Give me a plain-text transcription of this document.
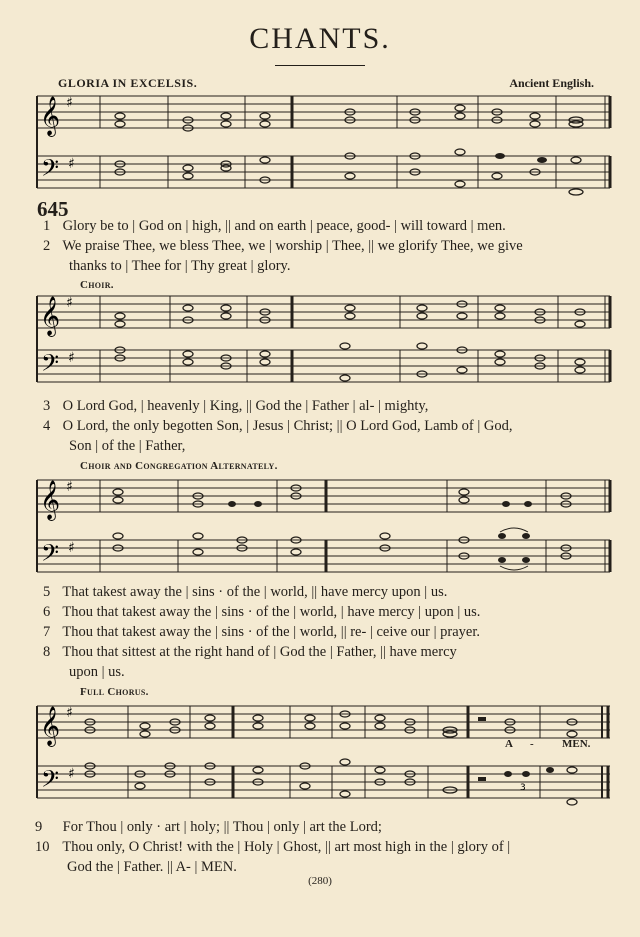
CHANTS.
GLORIA IN EXCELSIS.	Ancient English.
𝄞
𝄢
♯
♯
645
1 Glory be to | God on | high, || and on earth | peace, good- | will toward | men.
2 We praise Thee, we bless Thee, we | worship | Thee, || we glorify Thee, we give
thanks to | Thee for | Thy great | glory.
Choir.
𝄞
𝄢
♯
♯
3 O Lord God, | heavenly | King, || God the | Father | al- | mighty,
4 O Lord, the only begotten Son, | Jesus | Christ; || O Lord God, Lamb of | God,
Son | of the | Father,
Choir and Congregation Alternately.
𝄞
𝄢
♯
♯
5 That takest away the | sins · of the | world, || have mercy upon | us.
6 Thou that takest away the | sins · of the | world, | have mercy | upon | us.
7 Thou that takest away the | sins · of the | world, || re- | ceive our | prayer.
8 Thou that sittest at the right hand of | God the | Father, || have mercy
upon | us.
Full Chorus.
𝄞
𝄢
♯
♯
3
A -	MEN.
9 For Thou | only · art | holy; || Thou | only | art the Lord;
10 Thou only, O Christ! with the | Holy | Ghost, || art most high in the | glory of |
God the | Father. || A- | MEN.
(280)
